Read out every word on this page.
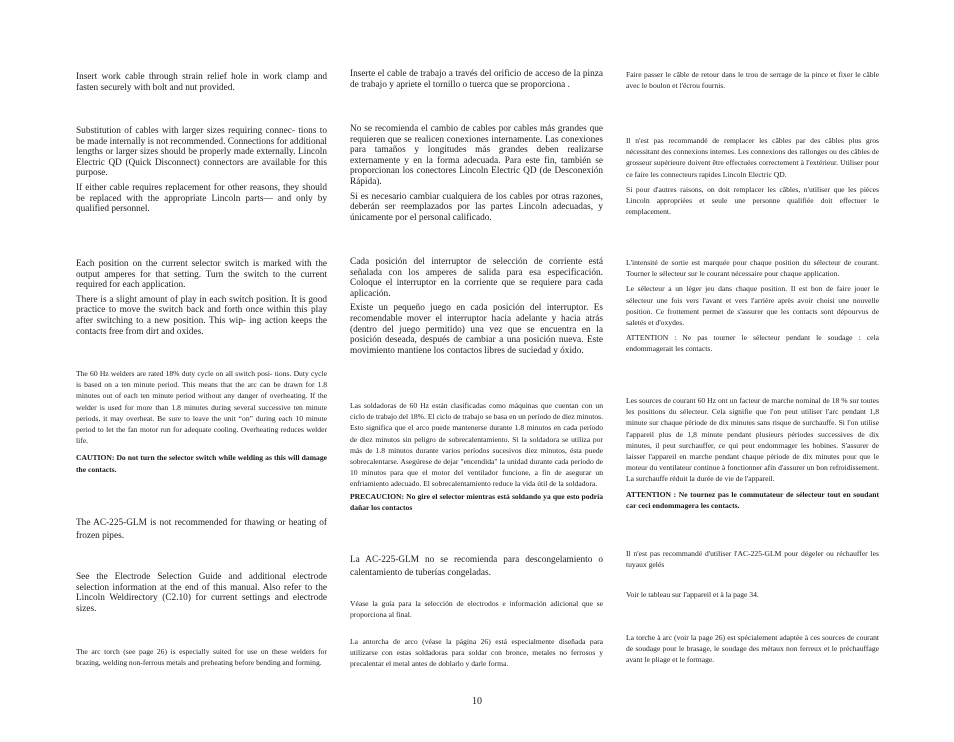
Insert work cable through strain relief hole in work clamp and fasten securely with bolt and nut provided.

Substitution of cables with larger sizes requiring connec- tions to be made internally is not recommended. Connections for additional lengths or larger sizes should be properly made externally. Lincoln Electric QD (Quick Disconnect) connectors are available for this purpose.

If either cable requires replacement for other reasons, they should be replaced with the appropriate Lincoln parts— and only by qualified personnel.

Each position on the current selector switch is marked with the output amperes for that setting. Turn the switch to the current required for each application.

There is a slight amount of play in each switch position. It is good practice to move the switch back and forth once within this play after switching to a new position. This wip- ing action keeps the contacts free from dirt and oxides.

The 60 Hz welders are rated 18% duty cycle on all switch posi- tions. Duty cycle is based on a ten minute period. This means that the arc can be drawn for 1.8 minutes out of each ten minute period without any danger of overheating. If the welder is used for more than 1.8 minutes during several successive ten minute periods, it may overheat. Be sure to leave the unit “on” during each 10 minute period to let the fan motor run for adequate cooling. Overheating reduces welder life.

CAUTION: Do not turn the selector switch while welding as this will damage the contacts.

The AC-225-GLM is not recommended for thawing or heating of frozen pipes.

See the Electrode Selection Guide and additional electrode selection information at the end of this manual. Also refer to the Lincoln Weldirectory (C2.10) for current settings and electrode sizes.

The arc torch (see page 26) is especially suited for use on these welders for brazing, welding non-ferrous metals and preheating before bending and forming.

Inserte el cable de trabajo a través del orificio de acceso de la pinza de trabajo y apriete el tornillo o tuerca que se proporciona .

No se recomienda el cambio de cables por cables más grandes que requieren que se realicen conexiones internamente. Las conexiones para tamaños y longitudes más grandes deben realizarse externamente y en la forma adecuada. Para este fin, también se proporcionan los conectores Lincoln Electric QD (de Desconexión Rápida).

Si es necesario cambiar cualquiera de los cables por otras razones, deberán ser reemplazados por las partes Lincoln adecuadas, y únicamente por el personal calificado.

Cada posición del interruptor de selección de corriente está señalada con los amperes de salida para esa especificación. Coloque el interruptor en la corriente que se requiere para cada aplicación.

Existe un pequeño juego en cada posición del interruptor. Es recomendable mover el interruptor hacia adelante y hacia atrás (dentro del juego permitido) una vez que se encuentra en la posición deseada, después de cambiar a una posición nueva. Este movimiento mantiene los contactos libres de suciedad y óxido.

Las soldadoras de 60 Hz están clasificadas como máquinas que cuentan con un ciclo de trabajo del 18%. El ciclo de trabajo se basa en un período de diez minutos. Esto significa que el arco puede mantenerse durante 1.8 minutos en cada período de diez minutos sin peligro de sobrecalentamiento. Si la soldadora se utiliza por más de 1.8 minutos durante varios períodos sucesivos diez minutos, ésta puede sobrecalentarse. Asegúrese de dejar "encendida" la unidad durante cada período de 10 minutos para que el motor del ventilador funcione, a fin de asegurar un enfriamiento adecuado. El sobrecalentamiento reduce la vida útil de la soldadora.

PRECAUCION: No gire el selector mientras está soldando ya que esto podría dañar los contactos

La AC-225-GLM no se recomienda para descongelamiento o calentamiento de tuberías congeladas.

Véase la guía para la selección de electrodos e información adicional que se proporciona al final.

La antorcha de arco (véase la página 26) está especialmente diseñada para utilizarse con estas soldadoras para soldar con bronce, metales no ferrosos y precalentar el metal antes de doblarlo y darle forma.

Faire passer le câble de retour dans le trou de serrage de la pince et fixer le câble avec le boulon et l'écrou fournis.

Il n'est pas recommandé de remplacer les câbles par des câbles plus gros nécessitant des connexions internes. Les connexions des rallonges ou des câbles de grosseur supérieure doivent être effectuées correctement à l'extérieur. Utiliser pour ce faire les connecteurs rapides Lincoln Electric QD.

Si pour d'autres raisons, on doit remplacer les câbles, n'utiliser que les pièces Lincoln appropriées et seule une personne qualifiée doit effectuer le remplacement.

L'intensité de sortie est marquée pour chaque position du sélecteur de courant. Tourner le sélecteur sur le courant nécessaire pour chaque application.

Le sélecteur a un léger jeu dans chaque position. Il est bon de faire jouer le sélecteur une fois vers l'avant et vers l'arrière après avoir choisi une nouvelle position. Ce frottement permet de s'assurer que les contacts sont dépourvus de saletés et d'oxydes.

ATTENTION : Ne pas tourner le sélecteur pendant le soudage : cela endommagerait les contacts.

Les sources de courant 60 Hz ont un facteur de marche nominal de 18 % sur toutes les positions du sélecteur. Cela signifie que l'on peut utiliser l'arc pendant 1,8 minute sur chaque période de dix minutes sans risque de surchauffe. Si l'on utilise l'appareil plus de 1,8 minute pendant plusieurs périodes successives de dix minutes, il peut surchauffer, ce qui peut endommager les bobines. S'assurer de laisser l'appareil en marche pendant chaque période de dix minutes pour que le moteur du ventilateur continue à fonctionner afin d'assurer un bon refroidissement. La surchauffe réduit la durée de vie de l'appareil.

ATTENTION : Ne tournez pas le commutateur de sélecteur tout en soudant car ceci endommagera les contacts.

Il n'est pas recommandé d'utiliser l'AC-225-GLM pour dégeler ou réchauffer les tuyaux gelés

Voir le tableau sur l'appareil et à la page 34.

La torche à arc (voir la page 26) est spécialement adaptée à ces sources de courant de soudage pour le brasage, le soudage des métaux non ferreux et le préchauffage avant le pliage et le formage.

10
